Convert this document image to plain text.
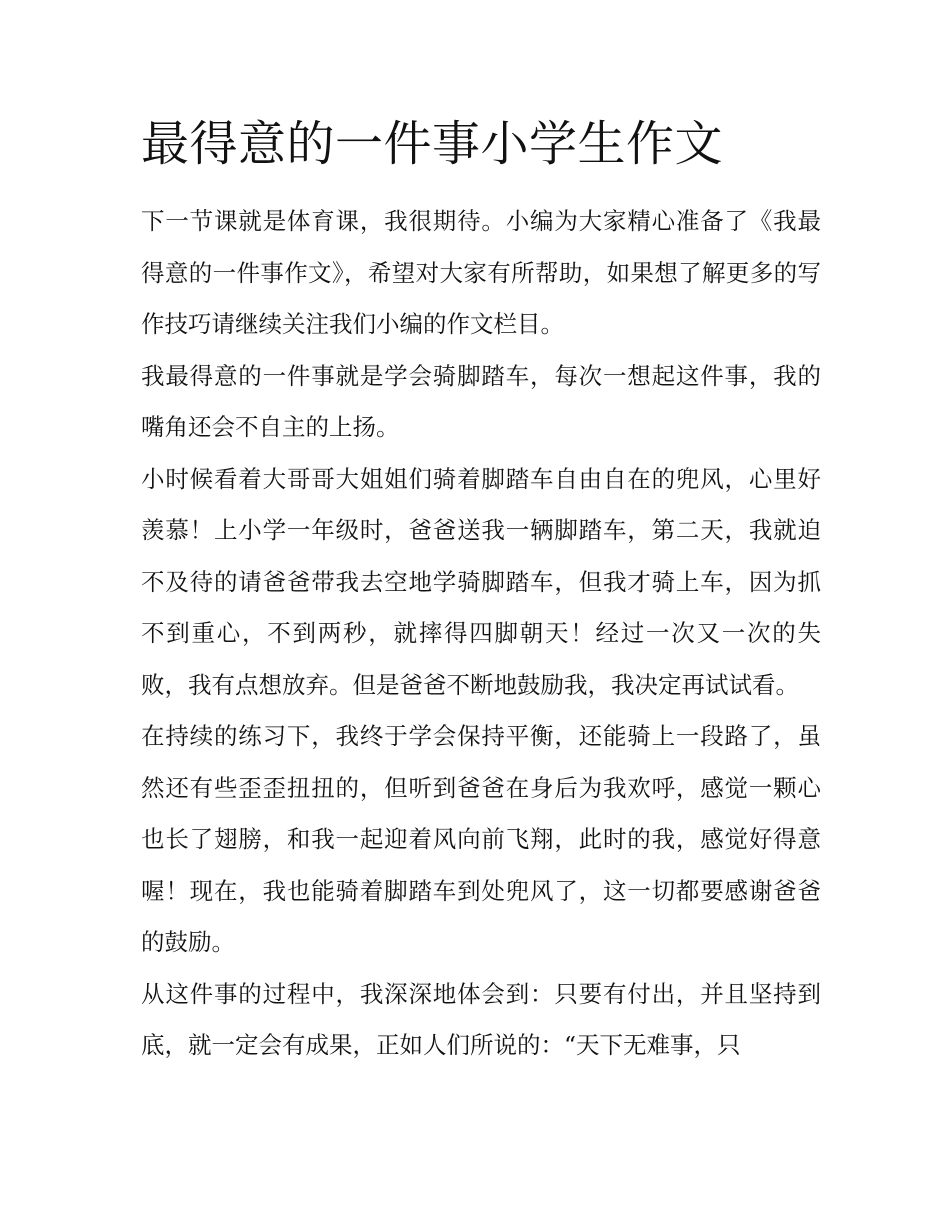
最得意的一件事小学生作文

下一节课就是体育课，我很期待。小编为大家精心准备了《我最得意的一件事作文》，希望对大家有所帮助，如果想了解更多的写作技巧请继续关注我们小编的作文栏目。

我最得意的一件事就是学会骑脚踏车，每次一想起这件事，我的嘴角还会不自主的上扬。

小时候看着大哥哥大姐姐们骑着脚踏车自由自在的兜风，心里好羡慕！上小学一年级时，爸爸送我一辆脚踏车，第二天，我就迫不及待的请爸爸带我去空地学骑脚踏车，但我才骑上车，因为抓不到重心，不到两秒，就摔得四脚朝天！经过一次又一次的失败，我有点想放弃。但是爸爸不断地鼓励我，我决定再试试看。

在持续的练习下，我终于学会保持平衡，还能骑上一段路了，虽然还有些歪歪扭扭的，但听到爸爸在身后为我欢呼，感觉一颗心也长了翅膀，和我一起迎着风向前飞翔，此时的我，感觉好得意喔！现在，我也能骑着脚踏车到处兜风了，这一切都要感谢爸爸的鼓励。

从这件事的过程中，我深深地体会到：只要有付出，并且坚持到底，就一定会有成果，正如人们所说的：“天下无难事，只
